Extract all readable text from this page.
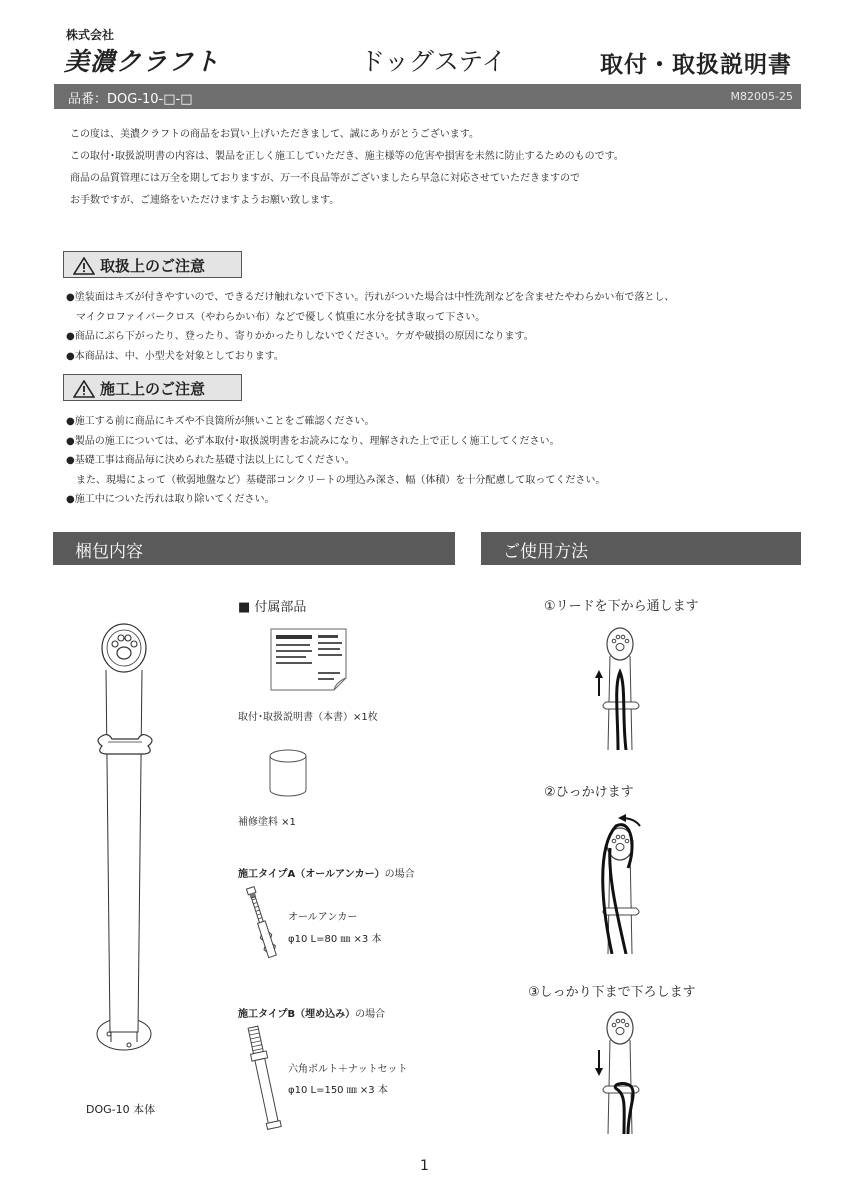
株式会社
美濃クラフト	ドッグステイ	取付・取扱説明書
品番：DOG-10-□-□	M82005-25
この度は、美濃クラフトの商品をお買い上げいただきまして、誠にありがとうございます。
この取付･取扱説明書の内容は、製品を正しく施工していただき、施主様等の危害や損害を未然に防止するためのものです。
商品の品質管理には万全を期しておりますが、万一不良品等がございましたら早急に対応させていただきますので
お手数ですが、ご連絡をいただけますようお願い致します。
取扱上のご注意
●塗装面はキズが付きやすいので、できるだけ触れないで下さい。汚れがついた場合は中性洗剤などを含ませたやわらかい布で落とし、
　マイクロファイバークロス（やわらかい布）などで優しく慎重に水分を拭き取って下さい。
●商品にぶら下がったり、登ったり、寄りかかったりしないでください。ケガや破損の原因になります。
●本商品は、中、小型犬を対象としております。
施工上のご注意
●施工する前に商品にキズや不良箇所が無いことをご確認ください。
●製品の施工については、必ず本取付･取扱説明書をお読みになり、理解された上で正しく施工してください。
●基礎工事は商品毎に決められた基礎寸法以上にしてください。
　また、現場によって（軟弱地盤など）基礎部コンクリートの埋込み深さ、幅（体積）を十分配慮して取ってください。
●施工中についた汚れは取り除いてください。
梱包内容	ご使用方法
DOG-10 本体
■ 付属部品
取付･取扱説明書（本書）×1枚
補修塗料 ×1
施工タイプA（オールアンカー）の場合
オールアンカー
φ10 L=80 ㎜ ×3 本
施工タイプB（埋め込み）の場合
六角ボルト＋ナットセット
φ10 L=150 ㎜ ×3 本
①リードを下から通します
②ひっかけます
③しっかり下まで下ろします
1
